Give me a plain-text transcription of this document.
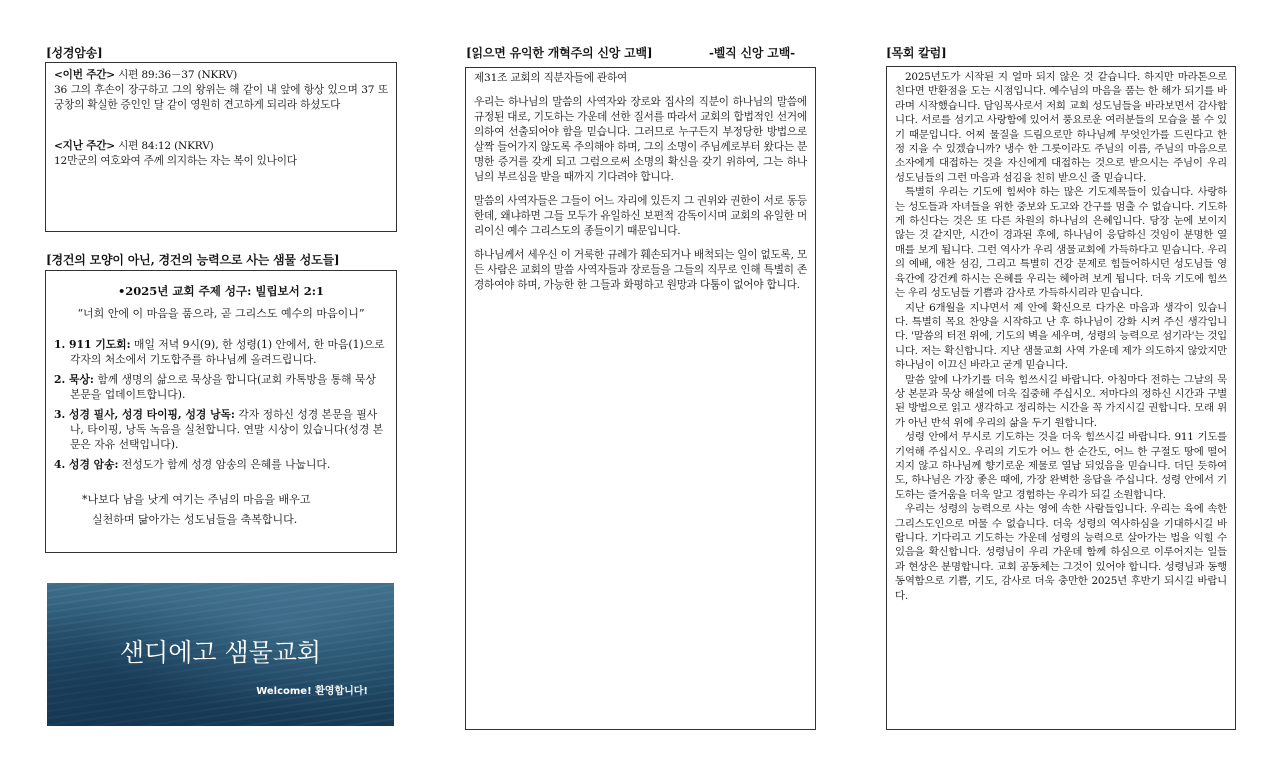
[성경암송]
<이번 주간> 시편 89:36－37 (NKRV)
36 그의 후손이 장구하고 그의 왕위는 해 같이 내 앞에 항상 있으며 37 또 궁창의 확실한 증인인 달 같이 영원히 견고하게 되리라 하셨도다
<지난 주간> 시편 84:12 (NKRV)
12만군의 여호와여 주께 의지하는 자는 복이 있나이다
[경건의 모양이 아닌, 경건의 능력으로 사는 샘물 성도들]
•2025년 교회 주제 성구: 빌립보서 2:1
“너희 안에 이 마음을 품으라, 곧 그리스도 예수의 마음이니”
1. 911 기도회: 매일 저녁 9시(9), 한 성령(1) 안에서, 한 마음(1)으로 각자의 처소에서 기도합주를 하나님께 올려드립니다.
2. 묵상: 함께 생명의 삶으로 묵상을 합니다(교회 카톡방을 통해 묵상 본문을 업데이트합니다).
3. 성경 필사, 성경 타이핑, 성경 낭독: 각자 정하신 성경 본문을 필사나, 타이핑, 낭독 녹음을 실천합니다. 연말 시상이 있습니다(성경 본문은 자유 선택입니다).
4. 성경 암송: 전성도가 함께 성경 암송의 은혜를 나눕니다.
*나보다 남을 낫게 여기는 주님의 마음을 배우고
실천하며 닮아가는 성도님들을 축복합니다.
샌디에고 샘물교회
Welcome! 환영합니다!
[읽으면 유익한 개혁주의 신앙 고백]	-벨직 신앙 고백-
제31조 교회의 직분자들에 관하여

우리는 하나님의 말씀의 사역자와 장로와 집사의 직분이 하나님의 말씀에 규정된 대로, 기도하는 가운데 선한 질서를 따라서 교회의 합법적인 선거에 의하여 선출되어야 함을 믿습니다. 그러므로 누구든지 부정당한 방법으로 살짝 들어가지 않도록 주의해야 하며, 그의 소명이 주님께로부터 왔다는 분명한 증거를 갖게 되고 그럼으로써 소명의 확신을 갖기 위하여, 그는 하나님의 부르심을 받을 때까지 기다려야 합니다.

말씀의 사역자들은 그들이 어느 자리에 있든지 그 권위와 권한이 서로 동등한데, 왜냐하면 그들 모두가 유일하신 보편적 감독이시며 교회의 유일한 머리이신 예수 그리스도의 종들이기 때문입니다.

하나님께서 세우신 이 거룩한 규례가 훼손되거나 배척되는 일이 없도록, 모든 사람은 교회의 말씀 사역자들과 장로들을 그들의 직무로 인해 특별히 존경하여야 하며, 가능한 한 그들과 화평하고 원망과 다툼이 없어야 합니다.

[목회 칼럼]

2025년도가 시작된 지 얼마 되지 않은 것 같습니다. 하지만 마라톤으로 친다면 반환점을 도는 시점입니다. 예수님의 마음을 품는 한 해가 되기를 바라며 시작했습니다. 담임목사로서 저희 교회 성도님들을 바라보면서 감사합니다. 서로를 섬기고 사랑함에 있어서 풍요로운 여러분들의 모습을 볼 수 있기 때문입니다. 어찌 물질을 드림으로만 하나님께 무엇인가를 드린다고 한정 지을 수 있겠습니까? 냉수 한 그릇이라도 주님의 이름, 주님의 마음으로 소자에게 대접하는 것을 자신에게 대접하는 것으로 받으시는 주님이 우리 성도님들의 그런 마음과 섬김을 친히 받으신 줄 믿습니다.

특별히 우리는 기도에 힘써야 하는 많은 기도제목들이 있습니다. 사랑하는 성도들과 자녀들을 위한 중보와 도고와 간구를 멈출 수 없습니다. 기도하게 하신다는 것은 또 다른 차원의 하나님의 은혜입니다. 당장 눈에 보이지 않는 것 같지만, 시간이 경과된 후에, 하나님이 응답하신 것임이 분명한 열매를 보게 됩니다. 그런 역사가 우리 샘물교회에 가득하다고 믿습니다. 우리의 예배, 애찬 섬김, 그리고 특별히 건강 문제로 힘들어하시던 성도님들 영육간에 강건케 하시는 은혜를 우리는 헤아려 보게 됩니다. 더욱 기도에 힘쓰는 우리 성도님들 기쁨과 감사로 가득하시리라 믿습니다.

지난 6개월을 지나면서 제 안에 확신으로 다가온 마음과 생각이 있습니다. 특별히 목요 찬양을 시작하고 난 후 하나님이 강화 시켜 주신 생각입니다. '말씀의 터전 위에, 기도의 벽을 세우며, 성령의 능력으로 섬기라'는 것입니다. 저는 확신합니다. 지난 샘물교회 사역 가운데 제가 의도하지 않았지만 하나님이 이끄신 바라고 굳게 믿습니다.

말씀 앞에 나가기를 더욱 힘쓰시길 바랍니다. 아침마다 전하는 그날의 묵상 본문과 묵상 해설에 더욱 집중해 주십시오. 저마다의 정하신 시간과 구별된 방법으로 읽고 생각하고 정리하는 시간을 꼭 가지시길 권합니다. 모래 위가 아닌 반석 위에 우리의 삶을 두기 원합니다.

성령 안에서 무시로 기도하는 것을 더욱 힘쓰시길 바랍니다. 911 기도를 기억해 주십시오. 우리의 기도가 어느 한 순간도, 어느 한 구절도 땅에 떨어지지 않고 하나님께 향기로운 제물로 열납 되었음을 믿습니다. 더딘 듯하여도, 하나님은 가장 좋은 때에, 가장 완벽한 응답을 주십니다. 성령 안에서 기도하는 즐거움을 더욱 알고 경험하는 우리가 되길 소원합니다.

우리는 성령의 능력으로 사는 영에 속한 사람들입니다. 우리는 육에 속한 그리스도인으로 머물 수 없습니다. 더욱 성령의 역사하심을 기대하시길 바랍니다. 기다리고 기도하는 가운데 성령의 능력으로 살아가는 법을 익힐 수 있음을 확신합니다. 성령님이 우리 가운데 함께 하심으로 이루어지는 일들과 현상은 분명합니다. 교회 공동체는 그것이 있어야 합니다. 성령님과 동행 동역함으로 기쁨, 기도, 감사로 더욱 충만한 2025년 후반기 되시길 바랍니다.
